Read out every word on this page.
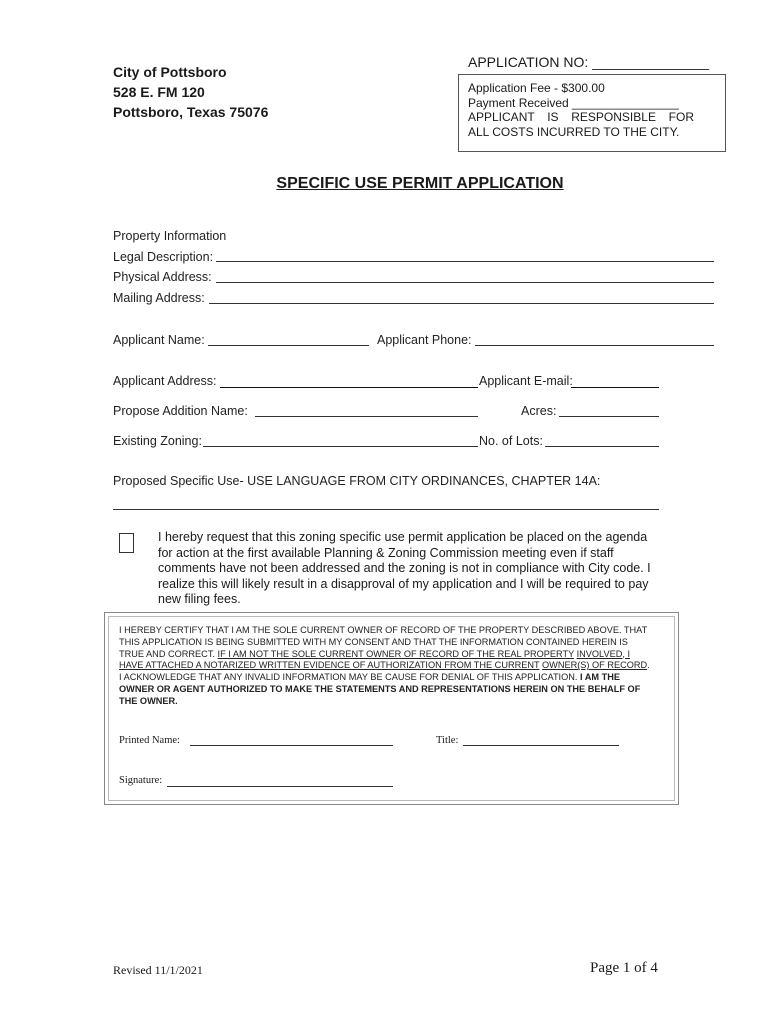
City of Pottsboro
528 E. FM 120
Pottsboro, Texas 75076
APPLICATION NO: _______________
Application Fee - $300.00
Payment Received ________________
APPLICANT IS RESPONSIBLE FOR
ALL COSTS INCURRED TO THE CITY.
SPECIFIC USE PERMIT APPLICATION
Property Information
Legal Description:
Physical Address:
Mailing Address:
Applicant Name:	Applicant Phone:
Applicant Address:	Applicant E-mail:
Propose Addition Name:	Acres:
Existing Zoning:	No. of Lots:
Proposed Specific Use- USE LANGUAGE FROM CITY ORDINANCES, CHAPTER 14A:
I hereby request that this zoning specific use permit application be placed on the agenda for action at the first available Planning & Zoning Commission meeting even if staff comments have not been addressed and the zoning is not in compliance with City code. I realize this will likely result in a disapproval of my application and I will be required to pay new filing fees.
I HEREBY CERTIFY THAT I AM THE SOLE CURRENT OWNER OF RECORD OF THE PROPERTY DESCRIBED ABOVE. THAT THIS APPLICATION IS BEING SUBMITTED WITH MY CONSENT AND THAT THE INFORMATION CONTAINED HEREIN IS TRUE AND CORRECT. IF I AM NOT THE SOLE CURRENT OWNER OF RECORD OF THE REAL PROPERTY INVOLVED, I HAVE ATTACHED A NOTARIZED WRITTEN EVIDENCE OF AUTHORIZATION FROM THE CURRENT OWNER(S) OF RECORD. I ACKNOWLEDGE THAT ANY INVALID INFORMATION MAY BE CAUSE FOR DENIAL OF THIS APPLICATION. I AM THE OWNER OR AGENT AUTHORIZED TO MAKE THE STATEMENTS AND REPRESENTATIONS HEREIN ON THE BEHALF OF THE OWNER.
Printed Name:	Title:
Signature:
Revised 11/1/2021	Page 1 of 4
